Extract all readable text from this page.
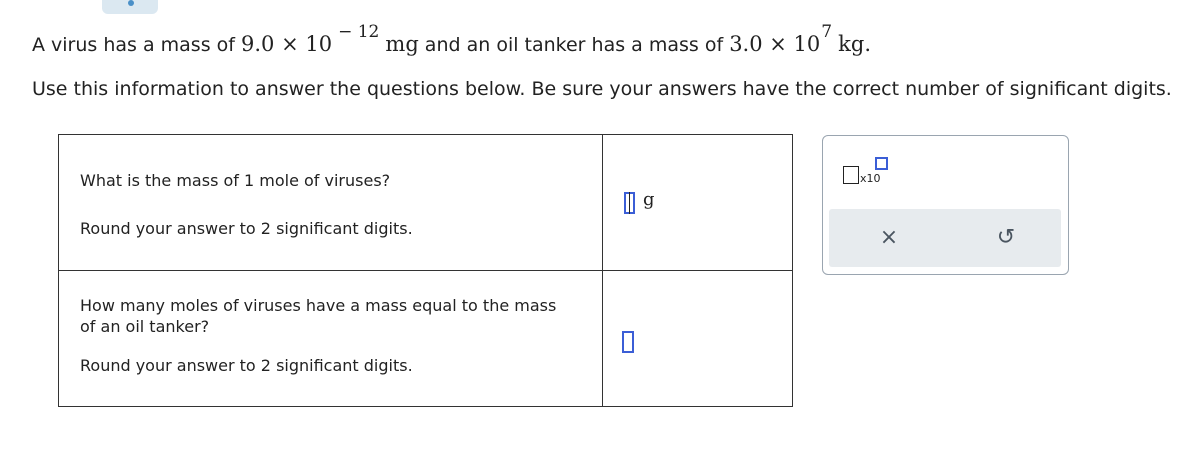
A virus has a mass of 9.0 × 10 − 12 mg and an oil tanker has a mass of 3.0 × 107 kg.
Use this information to answer the questions below. Be sure your answers have the correct number of significant digits.
What is the mass of 1 mole of viruses?
Round your answer to 2 significant digits.	g

How many moles of viruses have a mass equal to the mass
of an oil tanker?
Round your answer to 2 significant digits.	

x10
×	↺
